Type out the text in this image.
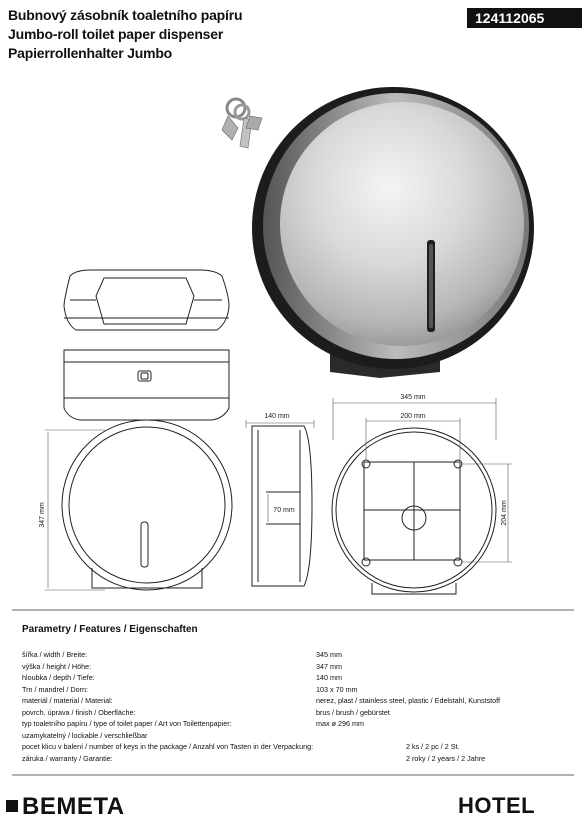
Bubnový zásobník toaletního papíru
Jumbo-roll toilet paper dispenser
Papierrollenhalter Jumbo
124112065
347 mm
140 mm
70 mm
345 mm
200 mm
204 mm
Parametry / Features / Eigenschaften
šířka / width / Breite:	345 mm
výška / height / Höhe:	347 mm
hloubka / depth / Tiefe:	140 mm
Trn / mandrel / Dorn:	103 x 70 mm
materiál / material / Material:	nerez, plast / stainless steel, plastic / Edelstahl, Kunststoff
povrch. úprava / finish / Oberfläche:	brus / brush / gebürstet
typ toaletního papíru / type of toilet paper / Art von Toilettenpapier:	max ø 296 mm
uzamykatelný / lockable / verschließbar
pocet klicu v balení / number of keys in the package / Anzahl von Tasten in der Verpackung:	2 ks / 2 pc / 2 St.
záruka / warranty / Garantie:	2 roky / 2 years / 2 Jahre
BEMETA	HOTEL
